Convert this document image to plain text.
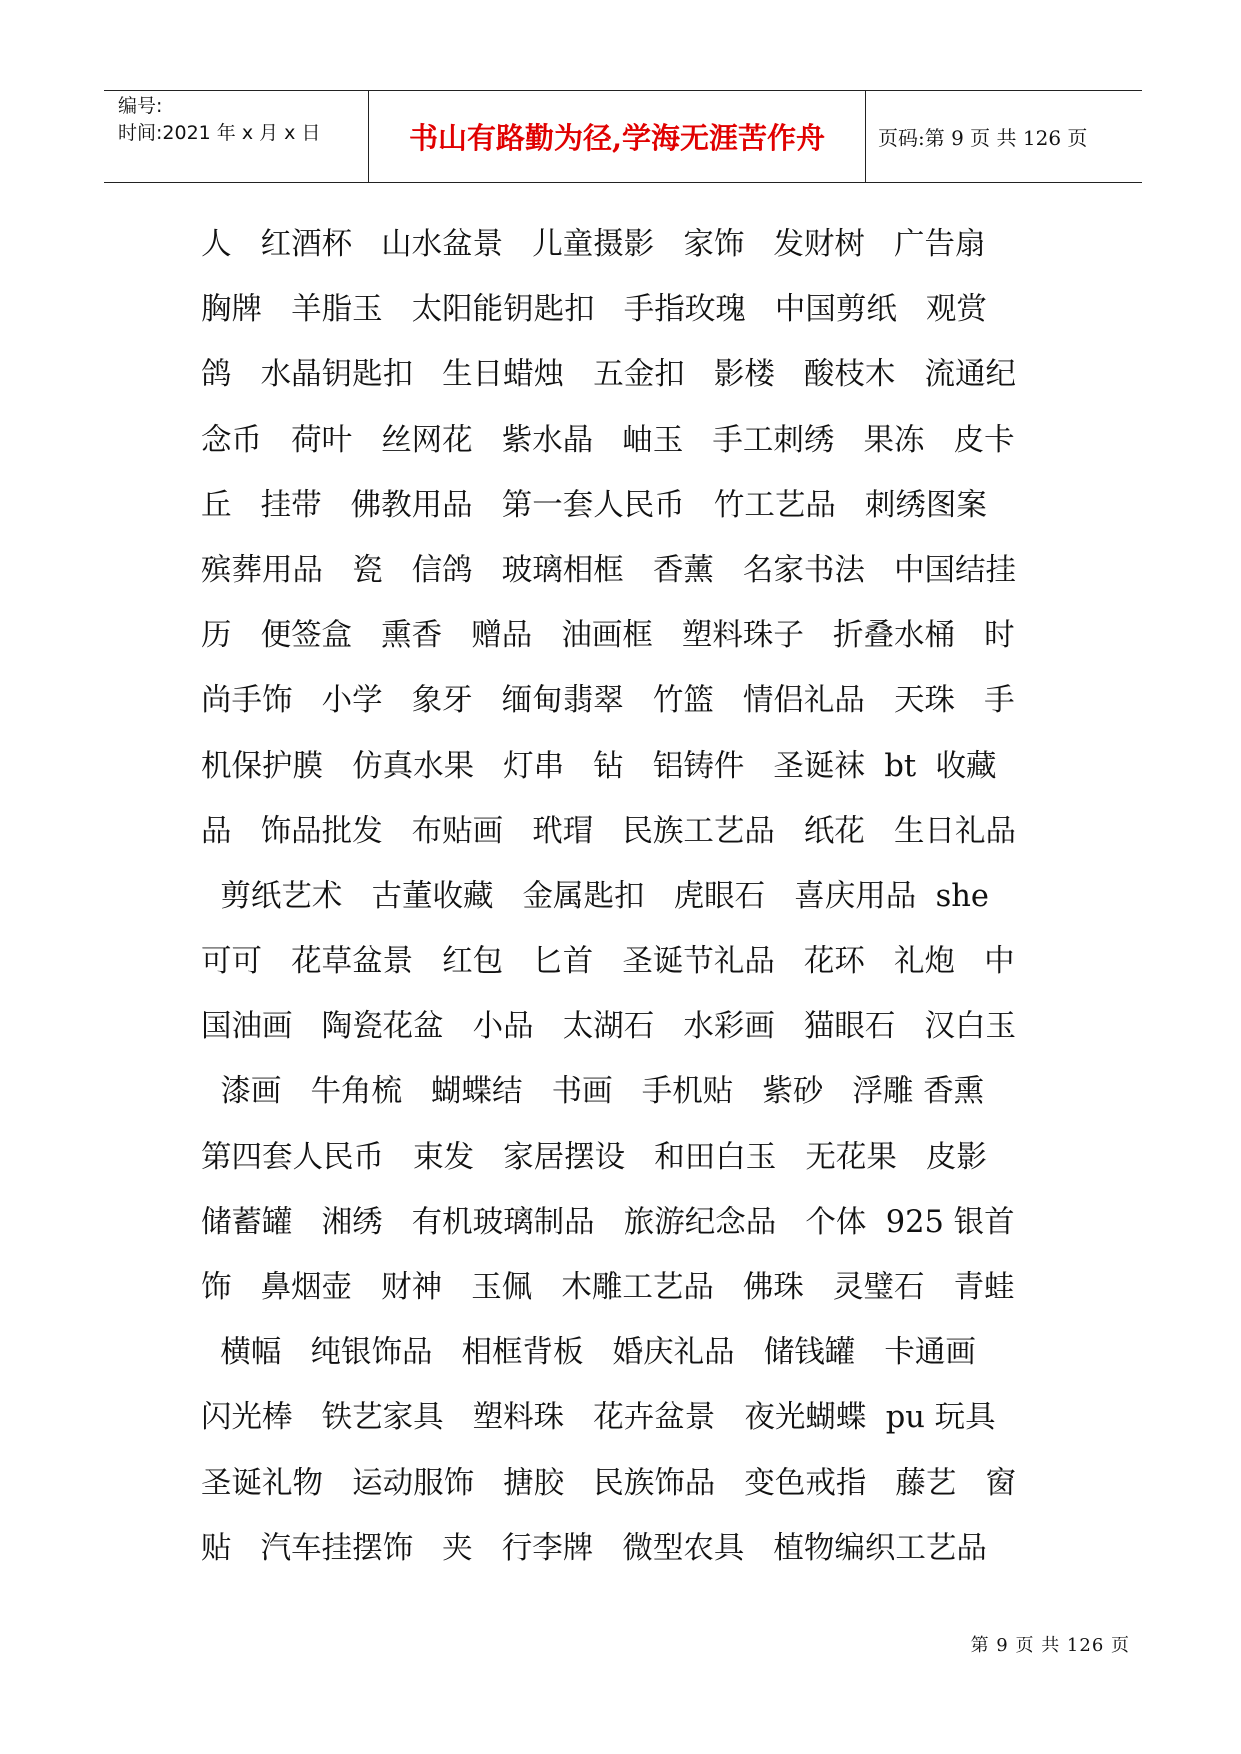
编号:
时间:2021 年 x 月 x 日	书山有路勤为径,学海无涯苦作舟	页码:第 9 页 共 126 页
人   红酒杯   山水盆景   儿童摄影   家饰   发财树   广告扇
胸牌   羊脂玉   太阳能钥匙扣   手指玫瑰   中国剪纸   观赏
鸽   水晶钥匙扣   生日蜡烛   五金扣   影楼   酸枝木   流通纪
念币   荷叶   丝网花   紫水晶   岫玉   手工刺绣   果冻   皮卡
丘   挂带   佛教用品   第一套人民币   竹工艺品   刺绣图案
殡葬用品   瓷   信鸽   玻璃相框   香薰   名家书法   中国结挂
历   便签盒   熏香   赠品   油画框   塑料珠子   折叠水桶   时
尚手饰   小学   象牙   缅甸翡翠   竹篮   情侣礼品   天珠   手
机保护膜   仿真水果   灯串   钻   铝铸件   圣诞袜  bt  收藏
品   饰品批发   布贴画   玳瑁   民族工艺品   纸花   生日礼品
剪纸艺术   古董收藏   金属匙扣   虎眼石   喜庆用品  she
可可   花草盆景   红包   匕首   圣诞节礼品   花环   礼炮   中
国油画   陶瓷花盆   小品   太湖石   水彩画   猫眼石   汉白玉
漆画   牛角梳   蝴蝶结   书画   手机贴   紫砂   浮雕 香熏
第四套人民币   束发   家居摆设   和田白玉   无花果   皮影
储蓄罐   湘绣   有机玻璃制品   旅游纪念品   个体  925 银首
饰   鼻烟壶   财神   玉佩   木雕工艺品   佛珠   灵璧石   青蛙
横幅   纯银饰品   相框背板   婚庆礼品   储钱罐   卡通画
闪光棒   铁艺家具   塑料珠   花卉盆景   夜光蝴蝶  pu 玩具
圣诞礼物   运动服饰   搪胶   民族饰品   变色戒指   藤艺   窗
贴   汽车挂摆饰   夹   行李牌   微型农具   植物编织工艺品
第 9 页 共 126 页
